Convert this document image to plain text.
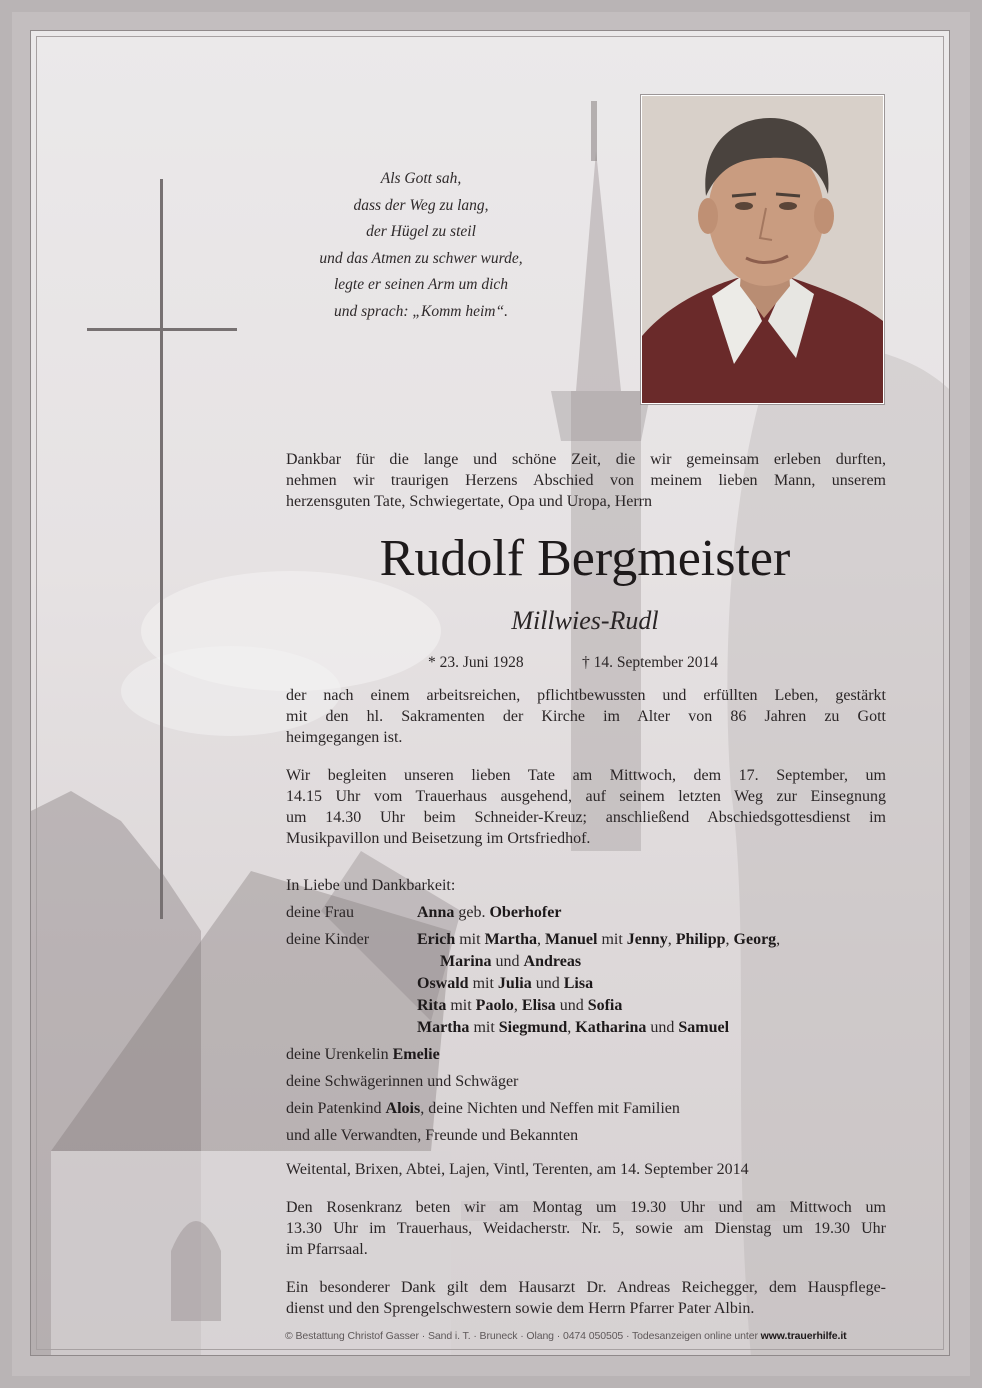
Als Gott sah,
dass der Weg zu lang,
der Hügel zu steil
und das Atmen zu schwer wurde,
legte er seinen Arm um dich
und sprach: „Komm heim“.

Dankbar für die lange und schöne Zeit, die wir gemeinsam erleben durften,

nehmen wir traurigen Herzens Abschied von meinem lieben Mann, unserem

herzensguten Tate, Schwiegertate, Opa und Uropa, Herrn

Rudolf Bergmeister
Millwies-Rudl
* 23. Juni 1928	† 14. September 2014

der nach einem arbeitsreichen, pflichtbewussten und erfüllten Leben, gestärkt

mit den hl. Sakramenten der Kirche im Alter von 86 Jahren zu Gott

heimgegangen ist.

Wir begleiten unseren lieben Tate am Mittwoch, dem 17. September, um

14.15 Uhr vom Trauerhaus ausgehend, auf seinem letzten Weg zur Einsegnung

um 14.30 Uhr beim Schneider-Kreuz; anschließend Abschiedsgottesdienst im

Musikpavillon und Beisetzung im Ortsfriedhof.

In Liebe und Dankbarkeit:
deine Frau	Anna geb. Oberhofer
deine Kinder	Erich mit Martha, Manuel mit Jenny, Philipp, Georg,
Marina und Andreas
Oswald mit Julia und Lisa
Rita mit Paolo, Elisa und Sofia
Martha mit Siegmund, Katharina und Samuel
deine Urenkelin Emelie
deine Schwägerinnen und Schwäger
dein Patenkind Alois, deine Nichten und Neffen mit Familien
und alle Verwandten, Freunde und Bekannten
Weitental, Brixen, Abtei, Lajen, Vintl, Terenten, am 14. September 2014

Den Rosenkranz beten wir am Montag um 19.30 Uhr und am Mittwoch um

13.30 Uhr im Trauerhaus, Weidacherstr. Nr. 5, sowie am Dienstag um 19.30 Uhr

im Pfarrsaal.

Ein besonderer Dank gilt dem Hausarzt Dr. Andreas Reichegger, dem Hauspflege-

dienst und den Sprengelschwestern sowie dem Herrn Pfarrer Pater Albin.

© Bestattung Christof Gasser · Sand i. T. · Bruneck · Olang · 0474 050505 · Todesanzeigen online unter www.trauerhilfe.it
